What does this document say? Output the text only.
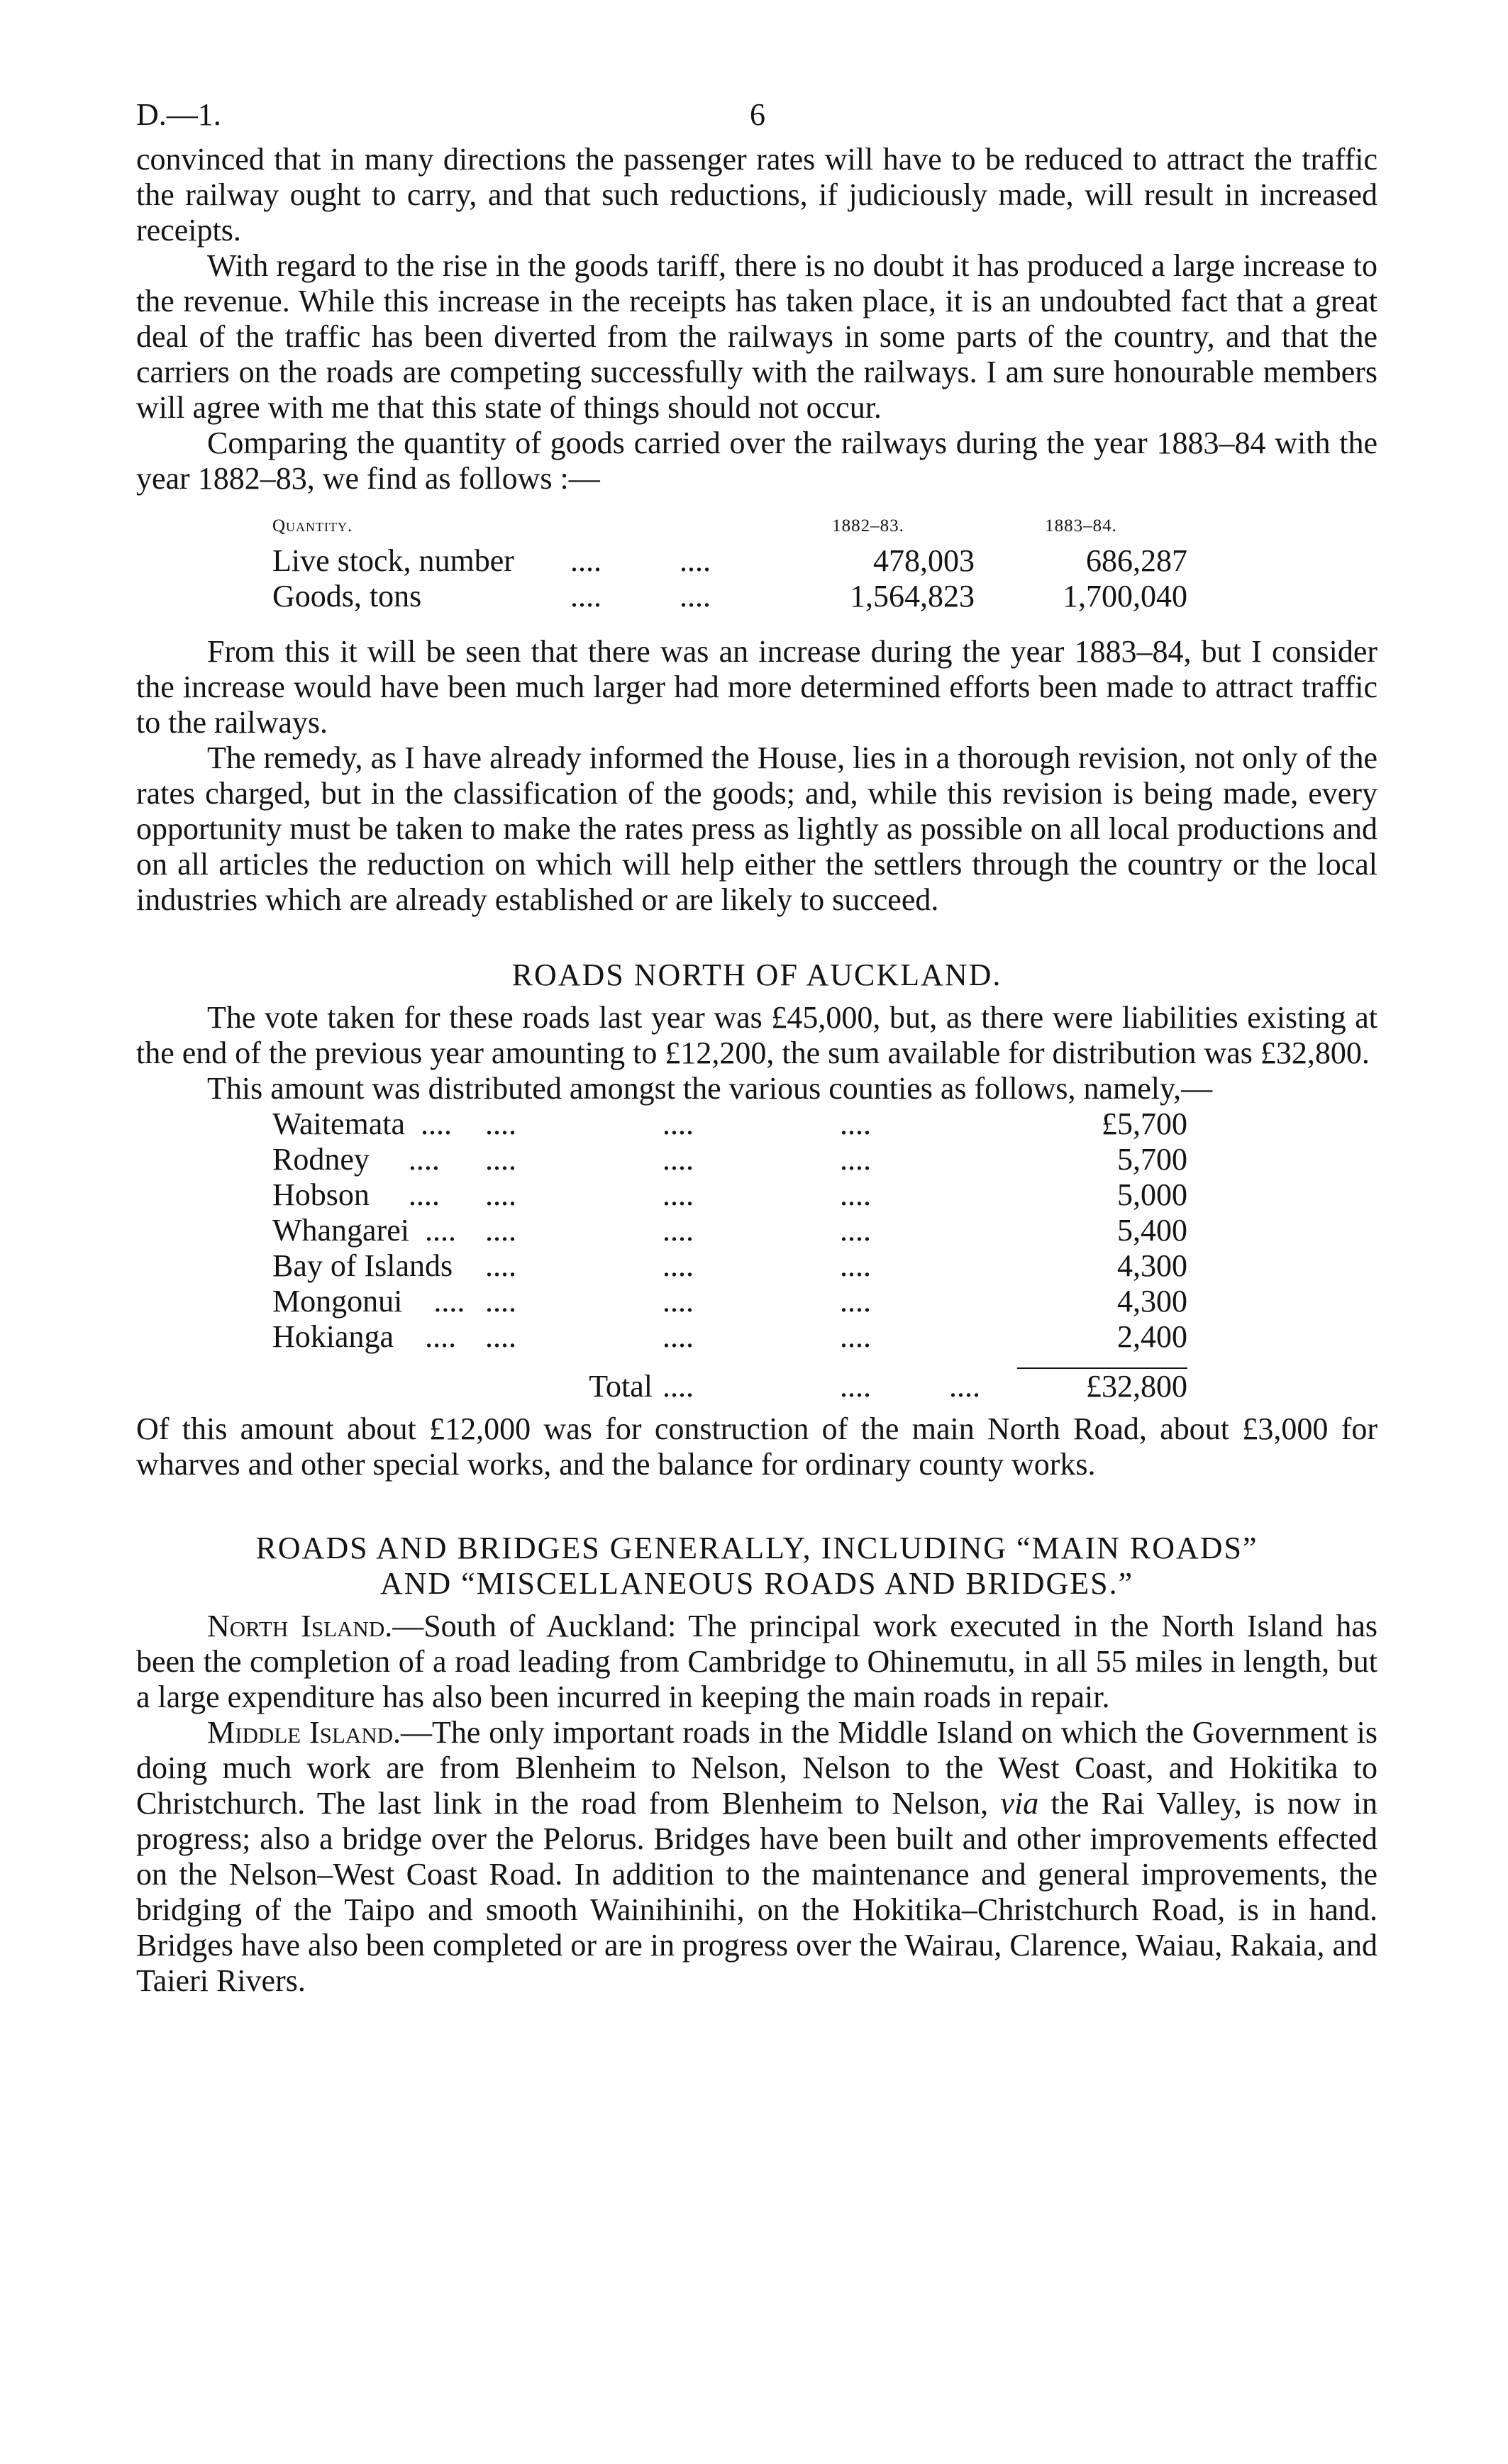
D.—1.	6

convinced that in many directions the passenger rates will have to be reduced to attract the traffic the railway ought to carry, and that such reductions, if judiciously made, will result in increased receipts.

With regard to the rise in the goods tariff, there is no doubt it has produced a large increase to the revenue. While this increase in the receipts has taken place, it is an undoubted fact that a great deal of the traffic has been diverted from the railways in some parts of the country, and that the carriers on the roads are competing successfully with the railways. I am sure honourable members will agree with me that this state of things should not occur.

Comparing the quantity of goods carried over the railways during the year 1883–84 with the year 1882–83, we find as follows :—

Quantity.		1882–83.	1883–84.
Live stock, number	.... ....	478,003	686,287
Goods, tons	.... ....	1,564,823	1,700,040

From this it will be seen that there was an increase during the year 1883–84, but I consider the increase would have been much larger had more determined efforts been made to attract traffic to the railways.

The remedy, as I have already informed the House, lies in a thorough revision, not only of the rates charged, but in the classification of the goods; and, while this revision is being made, every opportunity must be taken to make the rates press as lightly as possible on all local productions and on all articles the reduction on which will help either the settlers through the country or the local industries which are already established or are likely to succeed.

ROADS NORTH OF AUCKLAND.

The vote taken for these roads last year was £45,000, but, as there were liabilities existing at the end of the previous year amounting to £12,200, the sum available for distribution was £32,800.

This amount was distributed amongst the various counties as follows, namely,—

Waitemata ....	....	....	....	£5,700
Rodney ....	....	....	....	5,700
Hobson ....	....	....	....	5,000
Whangarei ....	....	....	....	5,400
Bay of Islands	....	....	....	4,300
Mongonui ....	....	....	....	4,300
Hokianga ....	....	....	....	2,400

Total		....	.... ....	£32,800

Of this amount about £12,000 was for construction of the main North Road, about £3,000 for wharves and other special works, and the balance for ordinary county works.

ROADS AND BRIDGES GENERALLY, INCLUDING “MAIN ROADS”
AND “MISCELLANEOUS ROADS AND BRIDGES.”

North Island.—South of Auckland: The principal work executed in the North Island has been the completion of a road leading from Cambridge to Ohinemutu, in all 55 miles in length, but a large expenditure has also been incurred in keeping the main roads in repair.

Middle Island.—The only important roads in the Middle Island on which the Government is doing much work are from Blenheim to Nelson, Nelson to the West Coast, and Hokitika to Christchurch. The last link in the road from Blenheim to Nelson, via the Rai Valley, is now in progress; also a bridge over the Pelorus. Bridges have been built and other improvements effected on the Nelson–West Coast Road. In addition to the maintenance and general improvements, the bridging of the Taipo and smooth Wainihinihi, on the Hokitika–Christchurch Road, is in hand. Bridges have also been completed or are in progress over the Wairau, Clarence, Waiau, Rakaia, and Taieri Rivers.
